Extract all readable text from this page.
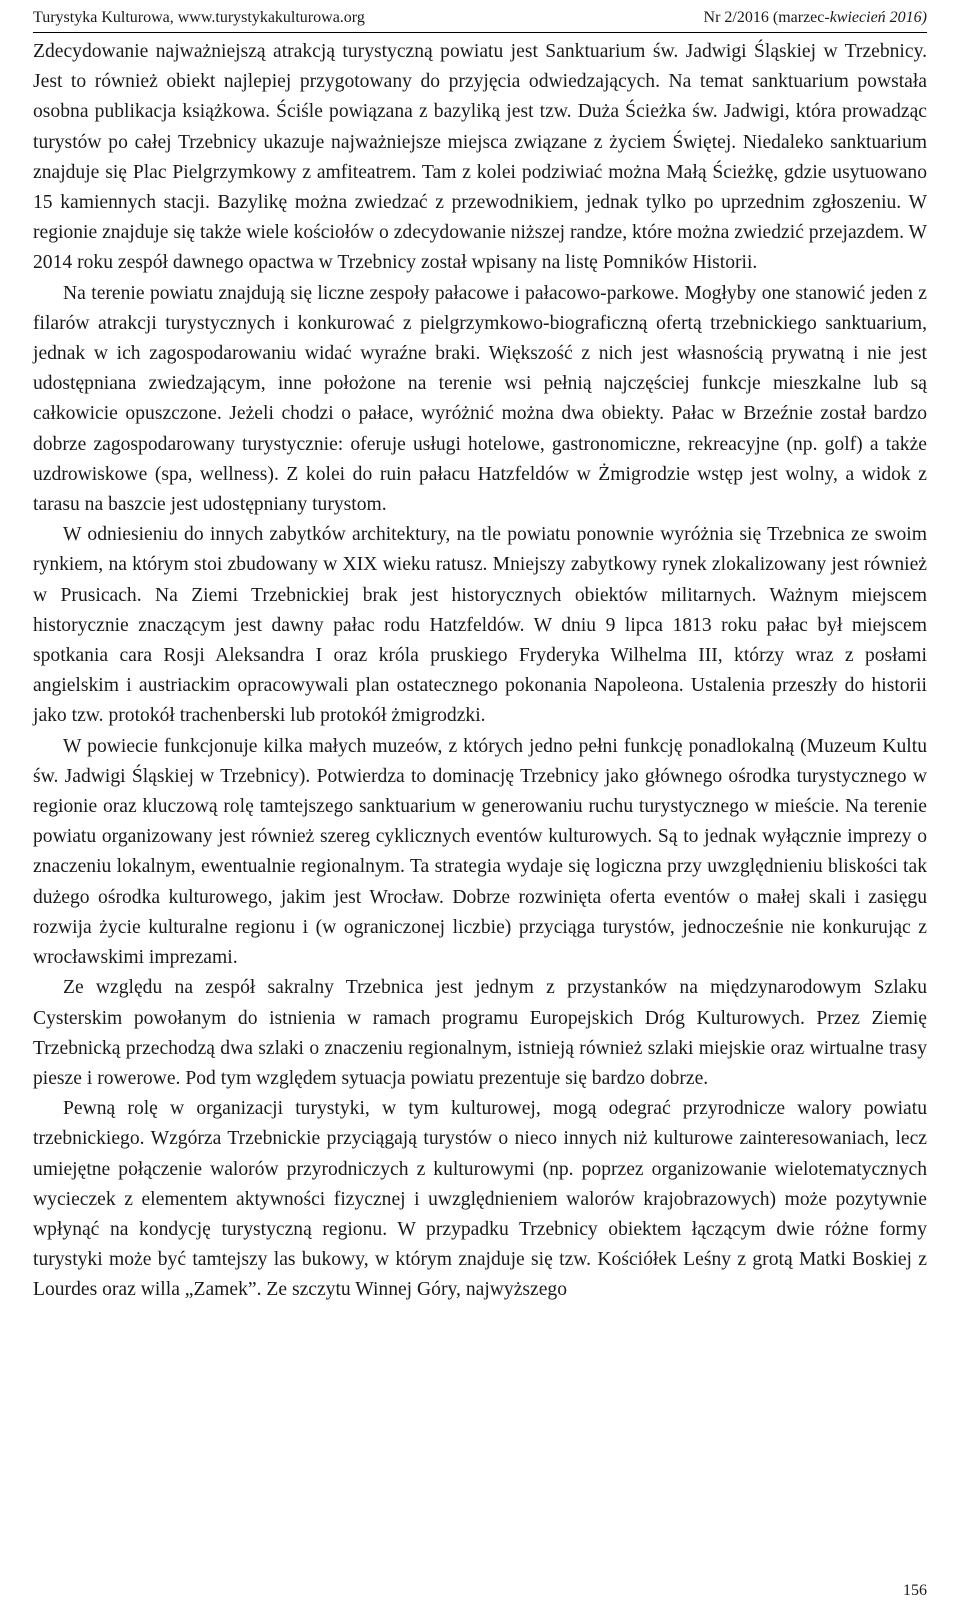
Turystyka Kulturowa, www.turystykakulturowa.org	Nr 2/2016 (marzec-kwiecień 2016)

Zdecydowanie najważniejszą atrakcją turystyczną powiatu jest Sanktuarium św. Jadwigi Śląskiej w Trzebnicy. Jest to również obiekt najlepiej przygotowany do przyjęcia odwiedzających. Na temat sanktuarium powstała osobna publikacja książkowa. Ściśle powiązana z bazyliką jest tzw. Duża Ścieżka św. Jadwigi, która prowadząc turystów po całej Trzebnicy ukazuje najważniejsze miejsca związane z życiem Świętej. Niedaleko sanktuarium znajduje się Plac Pielgrzymkowy z amfiteatrem. Tam z kolei podziwiać można Małą Ścieżkę, gdzie usytuowano 15 kamiennych stacji. Bazylikę można zwiedzać z przewodnikiem, jednak tylko po uprzednim zgłoszeniu. W regionie znajduje się także wiele kościołów o zdecydowanie niższej randze, które można zwiedzić przejazdem. W 2014 roku zespół dawnego opactwa w Trzebnicy został wpisany na listę Pomników Historii.

Na terenie powiatu znajdują się liczne zespoły pałacowe i pałacowo-parkowe. Mogłyby one stanowić jeden z filarów atrakcji turystycznych i konkurować z pielgrzymkowo-biograficzną ofertą trzebnickiego sanktuarium, jednak w ich zagospodarowaniu widać wyraźne braki. Większość z nich jest własnością prywatną i nie jest udostępniana zwiedzającym, inne położone na terenie wsi pełnią najczęściej funkcje mieszkalne lub są całkowicie opuszczone. Jeżeli chodzi o pałace, wyróżnić można dwa obiekty. Pałac w Brzeźnie został bardzo dobrze zagospodarowany turystycznie: oferuje usługi hotelowe, gastronomiczne, rekreacyjne (np. golf) a także uzdrowiskowe (spa, wellness). Z kolei do ruin pałacu Hatzfeldów w Żmigrodzie wstęp jest wolny, a widok z tarasu na baszcie jest udostępniany turystom.

W odniesieniu do innych zabytków architektury, na tle powiatu ponownie wyróżnia się Trzebnica ze swoim rynkiem, na którym stoi zbudowany w XIX wieku ratusz. Mniejszy zabytkowy rynek zlokalizowany jest również w Prusicach. Na Ziemi Trzebnickiej brak jest historycznych obiektów militarnych. Ważnym miejscem historycznie znaczącym jest dawny pałac rodu Hatzfeldów. W dniu 9 lipca 1813 roku pałac był miejscem spotkania cara Rosji Aleksandra I oraz króla pruskiego Fryderyka Wilhelma III, którzy wraz z posłami angielskim i austriackim opracowywali plan ostatecznego pokonania Napoleona. Ustalenia przeszły do historii jako tzw. protokół trachenberski lub protokół żmigrodzki.

W powiecie funkcjonuje kilka małych muzeów, z których jedno pełni funkcję ponadlokalną (Muzeum Kultu św. Jadwigi Śląskiej w Trzebnicy). Potwierdza to dominację Trzebnicy jako głównego ośrodka turystycznego w regionie oraz kluczową rolę tamtejszego sanktuarium w generowaniu ruchu turystycznego w mieście. Na terenie powiatu organizowany jest również szereg cyklicznych eventów kulturowych. Są to jednak wyłącznie imprezy o znaczeniu lokalnym, ewentualnie regionalnym. Ta strategia wydaje się logiczna przy uwzględnieniu bliskości tak dużego ośrodka kulturowego, jakim jest Wrocław. Dobrze rozwinięta oferta eventów o małej skali i zasięgu rozwija życie kulturalne regionu i (w ograniczonej liczbie) przyciąga turystów, jednocześnie nie konkurując z wrocławskimi imprezami.

Ze względu na zespół sakralny Trzebnica jest jednym z przystanków na międzynarodowym Szlaku Cysterskim powołanym do istnienia w ramach programu Europejskich Dróg Kulturowych. Przez Ziemię Trzebnicką przechodzą dwa szlaki o znaczeniu regionalnym, istnieją również szlaki miejskie oraz wirtualne trasy piesze i rowerowe. Pod tym względem sytuacja powiatu prezentuje się bardzo dobrze.

Pewną rolę w organizacji turystyki, w tym kulturowej, mogą odegrać przyrodnicze walory powiatu trzebnickiego. Wzgórza Trzebnickie przyciągają turystów o nieco innych niż kulturowe zainteresowaniach, lecz umiejętne połączenie walorów przyrodniczych z kulturowymi (np. poprzez organizowanie wielotematycznych wycieczek z elementem aktywności fizycznej i uwzględnieniem walorów krajobrazowych) może pozytywnie wpłynąć na kondycję turystyczną regionu. W przypadku Trzebnicy obiektem łączącym dwie różne formy turystyki może być tamtejszy las bukowy, w którym znajduje się tzw. Kościółek Leśny z grotą Matki Boskiej z Lourdes oraz willa „Zamek”. Ze szczytu Winnej Góry, najwyższego

156
